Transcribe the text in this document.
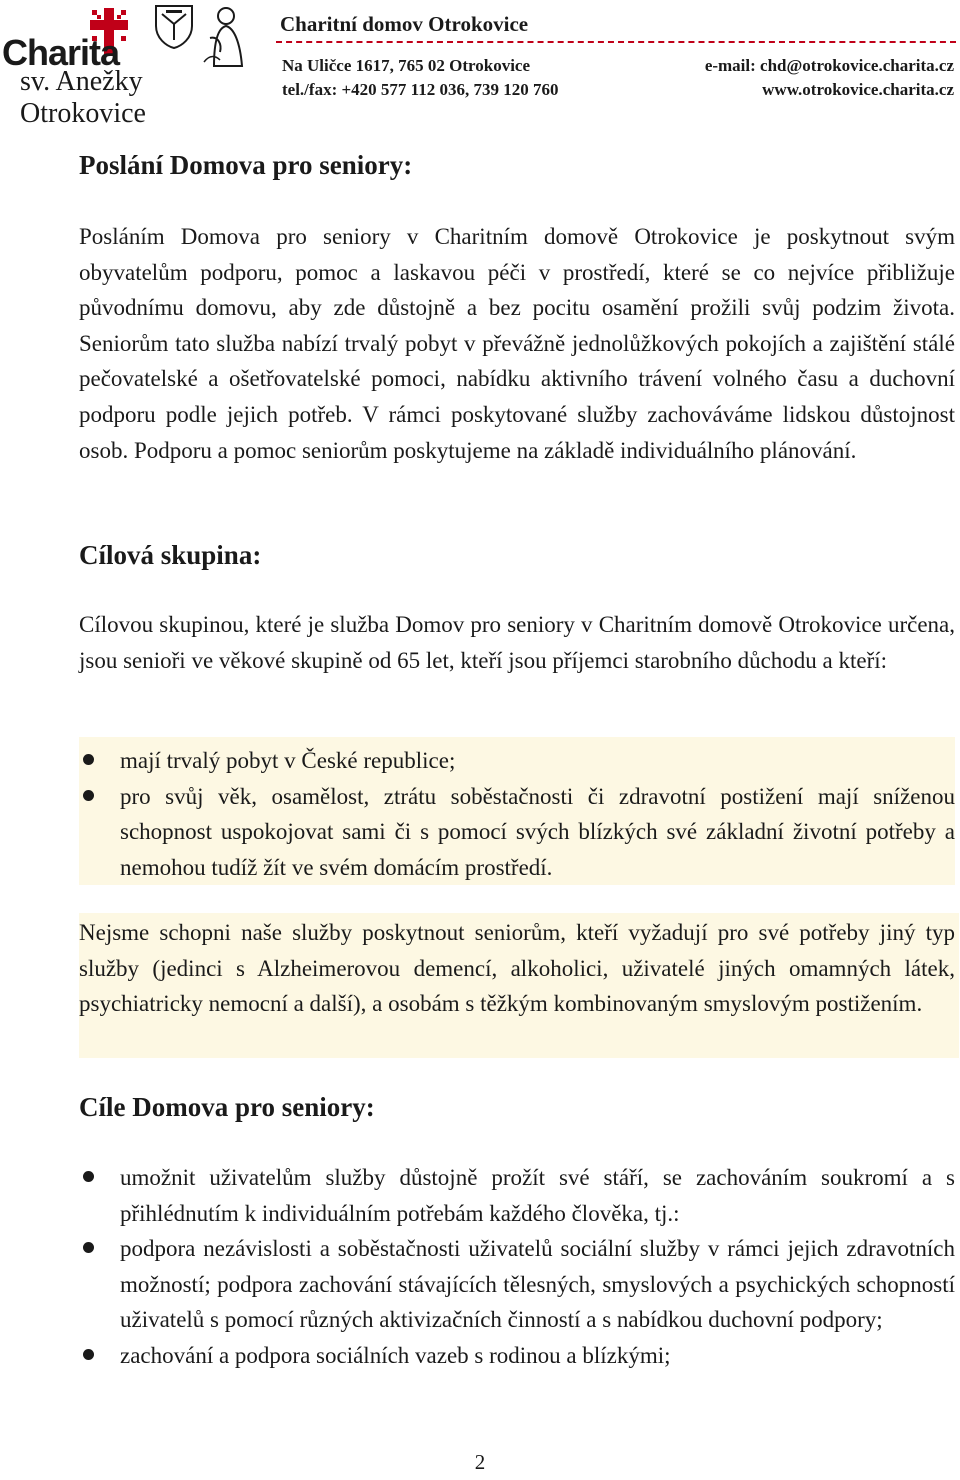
Charita
sv. Anežky Otrokovice
Charitní domov Otrokovice
Na Uličce 1617, 765 02 Otrokovice
tel./fax: +420 577 112 036, 739 120 760
e-mail: chd@otrokovice.charita.cz
www.otrokovice.charita.cz
Poslání Domova pro seniory:

Posláním Domova pro seniory v Charitním domově Otrokovice je poskytnout svým obyvatelům podporu, pomoc a laskavou péči v prostředí, které se co nejvíce přibližuje původnímu domovu, aby zde důstojně a bez pocitu osamění prožili svůj podzim života. Seniorům tato služba nabízí trvalý pobyt v převážně jednolůžkových pokojích a zajištění stálé pečovatelské a ošetřovatelské pomoci, nabídku aktivního trávení volného času a duchovní podporu podle jejich potřeb. V rámci poskytované služby zachováváme lidskou důstojnost osob. Podporu a pomoc seniorům poskytujeme na základě individuálního plánování.

Cílová skupina:

Cílovou skupinou, které je služba Domov pro seniory v Charitním domově Otrokovice určena, jsou senioři ve věkové skupině od 65 let, kteří jsou příjemci starobního důchodu a kteří:

mají trvalý pobyt v České republice;
pro svůj věk, osamělost, ztrátu soběstačnosti či zdravotní postižení mají sníženou schopnost uspokojovat sami či s pomocí svých blízkých své základní životní potřeby a nemohou tudíž žít ve svém domácím prostředí.

Nejsme schopni naše služby poskytnout seniorům, kteří vyžadují pro své potřeby jiný typ služby (jedinci s Alzheimerovou demencí, alkoholici, uživatelé jiných omamných látek, psychiatricky nemocní a další), a osobám s těžkým kombinovaným smyslovým postižením.

Cíle Domova pro seniory:
umožnit uživatelům služby důstojně prožít své stáří, se zachováním soukromí a s přihlédnutím k individuálním potřebám každého člověka, tj.:
podpora nezávislosti a soběstačnosti uživatelů sociální služby v rámci jejich zdravotních možností; podpora zachování stávajících tělesných, smyslových a psychických schopností uživatelů s pomocí různých aktivizačních činností a s nabídkou duchovní podpory;
zachování a podpora sociálních vazeb s rodinou a blízkými;
2
